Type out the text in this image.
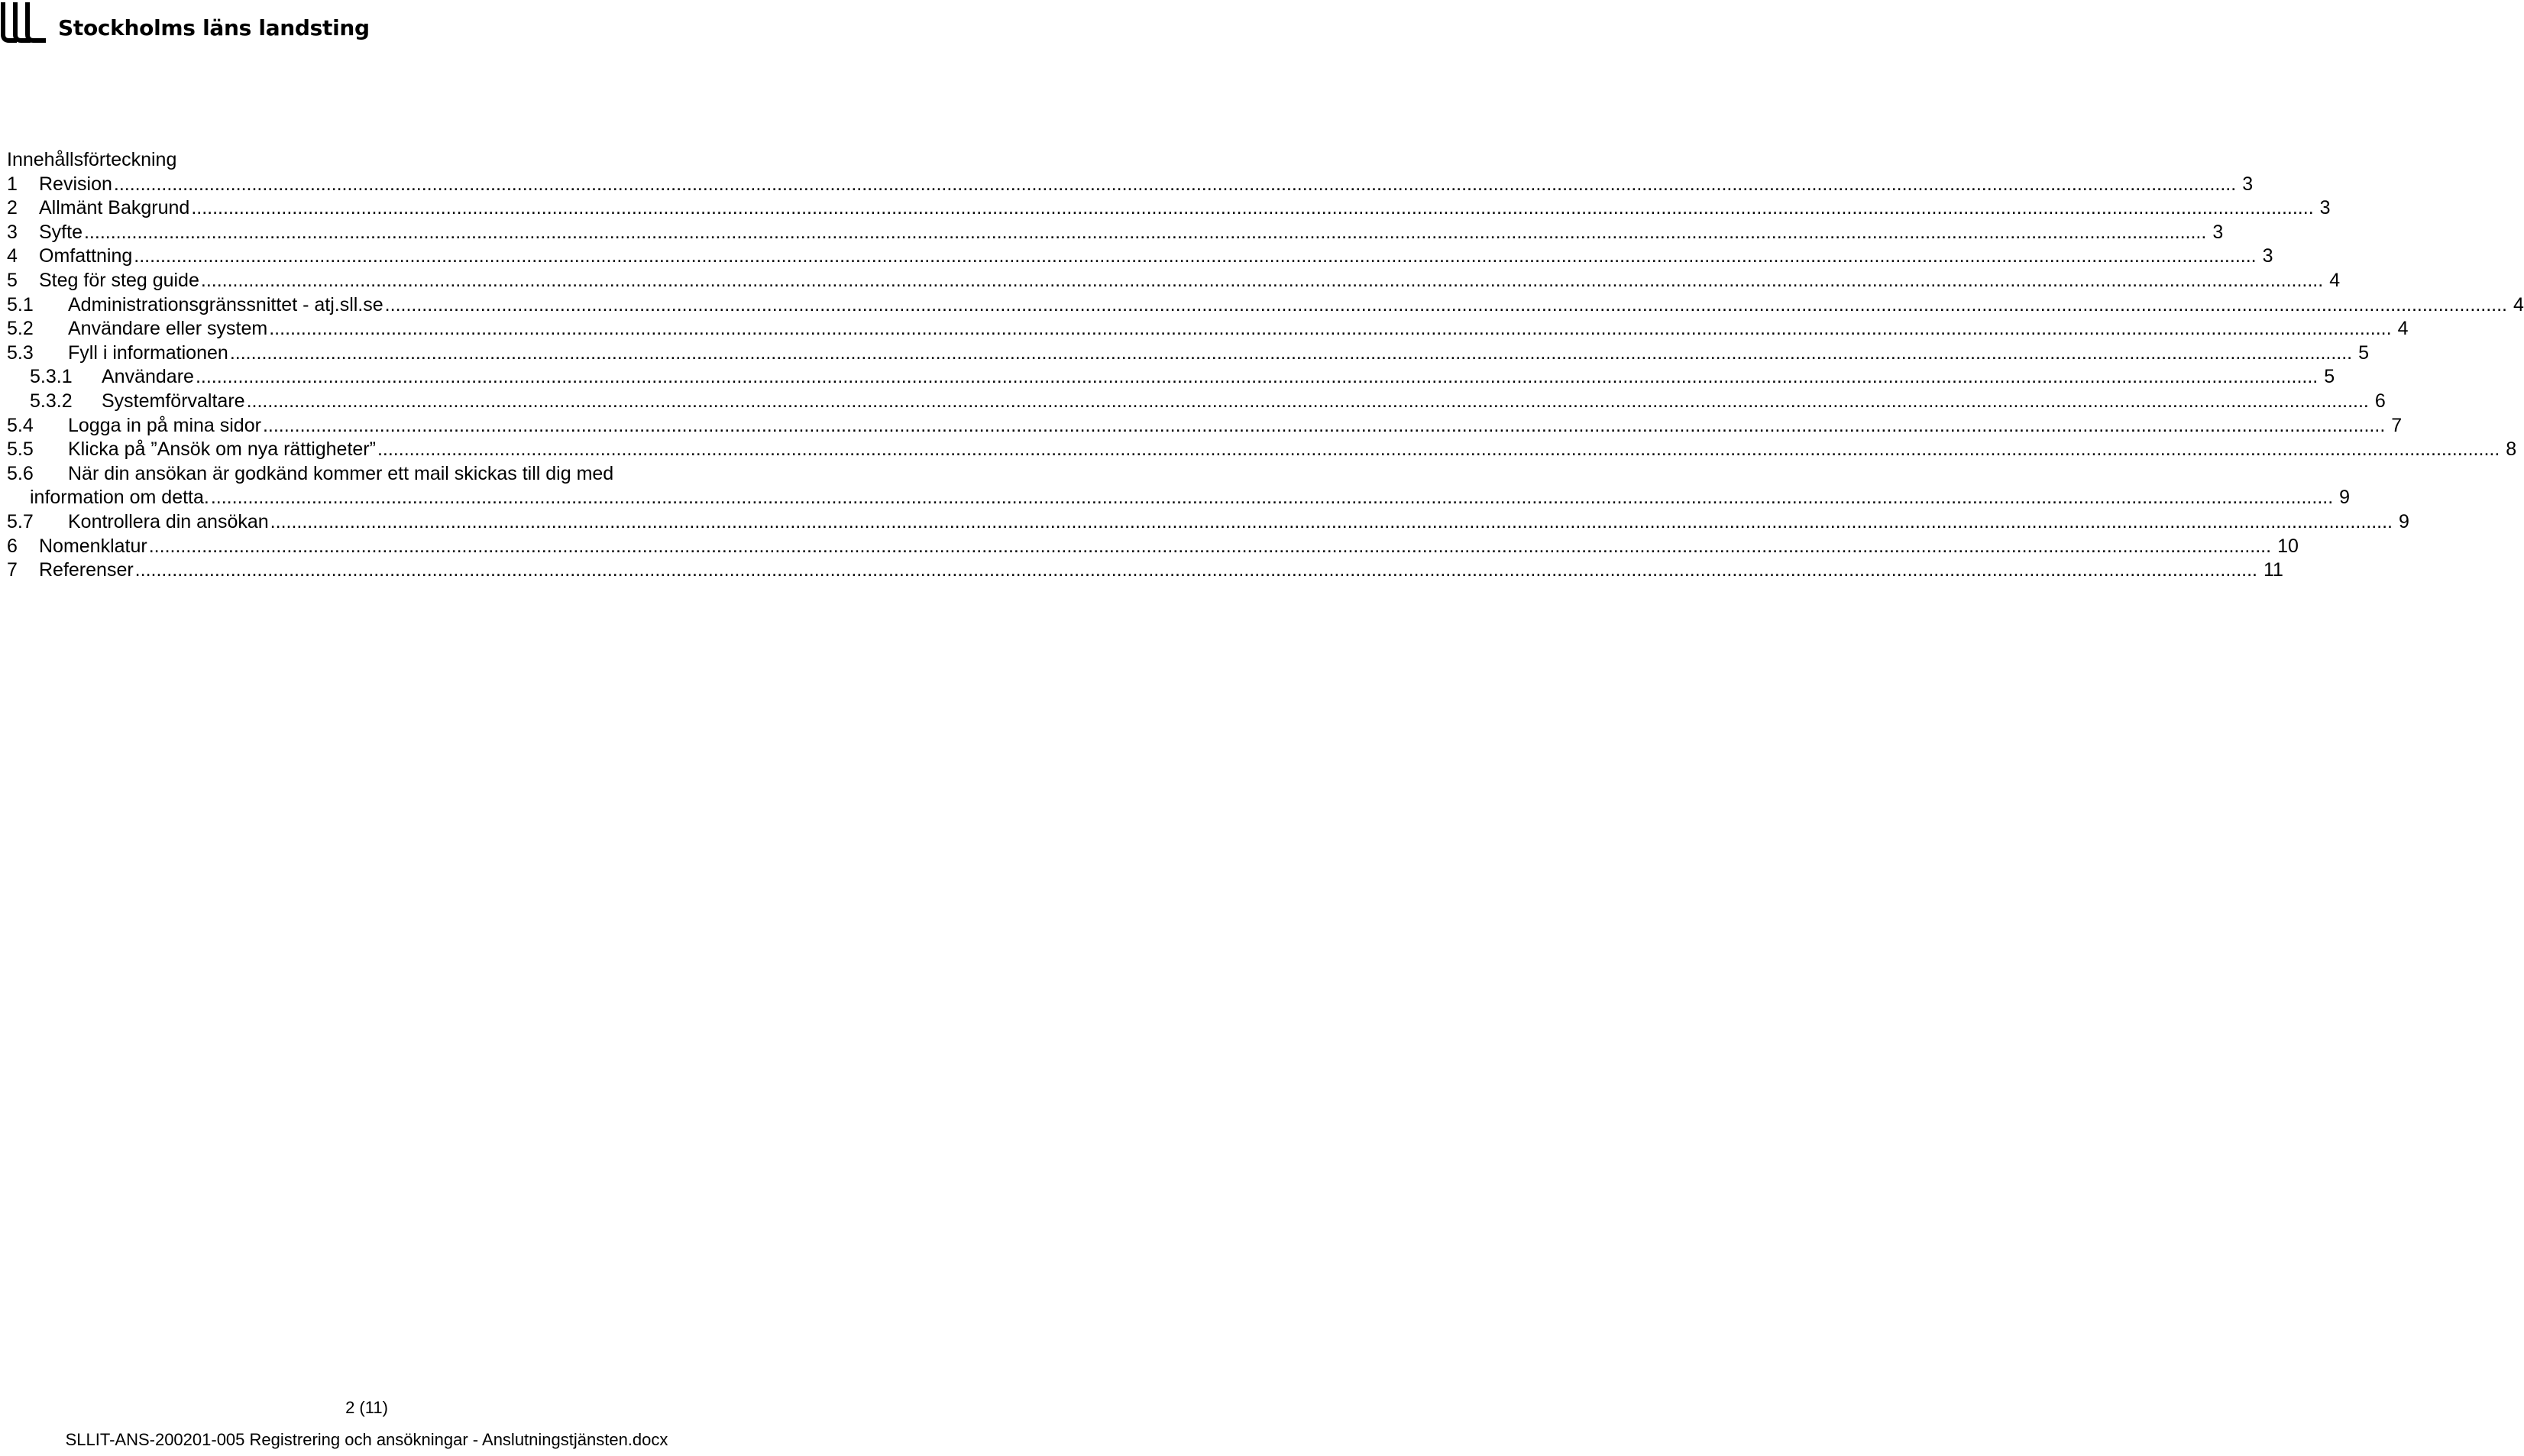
Stockholms läns landsting
Innehållsförteckning
1	Revision ................................................................................................................................................................................................................................................................................................................................................................................................................ 3
2	Allmänt Bakgrund ................................................................................................................................................................................................................................................................................................................................................................................................................ 3
3	Syfte ................................................................................................................................................................................................................................................................................................................................................................................................................ 3
4	Omfattning ................................................................................................................................................................................................................................................................................................................................................................................................................ 3
5	Steg för steg guide ................................................................................................................................................................................................................................................................................................................................................................................................................ 4
5.1	Administrationsgränssnittet - atj.sll.se ................................................................................................................................................................................................................................................................................................................................................................................................................ 4
5.2	Användare eller system ................................................................................................................................................................................................................................................................................................................................................................................................................ 4
5.3	Fyll i informationen ................................................................................................................................................................................................................................................................................................................................................................................................................ 5
5.3.1	Användare ................................................................................................................................................................................................................................................................................................................................................................................................................ 5
5.3.2	Systemförvaltare ................................................................................................................................................................................................................................................................................................................................................................................................................ 6
5.4	Logga in på mina sidor ................................................................................................................................................................................................................................................................................................................................................................................................................ 7
5.5	Klicka på ”Ansök om nya rättigheter” ................................................................................................................................................................................................................................................................................................................................................................................................................ 8
5.6	När din ansökan är godkänd kommer ett mail skickas till dig med
information om detta. ................................................................................................................................................................................................................................................................................................................................................................................................................ 9
5.7	Kontrollera din ansökan ................................................................................................................................................................................................................................................................................................................................................................................................................ 9
6	Nomenklatur ................................................................................................................................................................................................................................................................................................................................................................................................................ 10
7	Referenser ................................................................................................................................................................................................................................................................................................................................................................................................................ 11
2 (11)
SLLIT-ANS-200201-005 Registrering och ansökningar - Anslutningstjänsten.docx
